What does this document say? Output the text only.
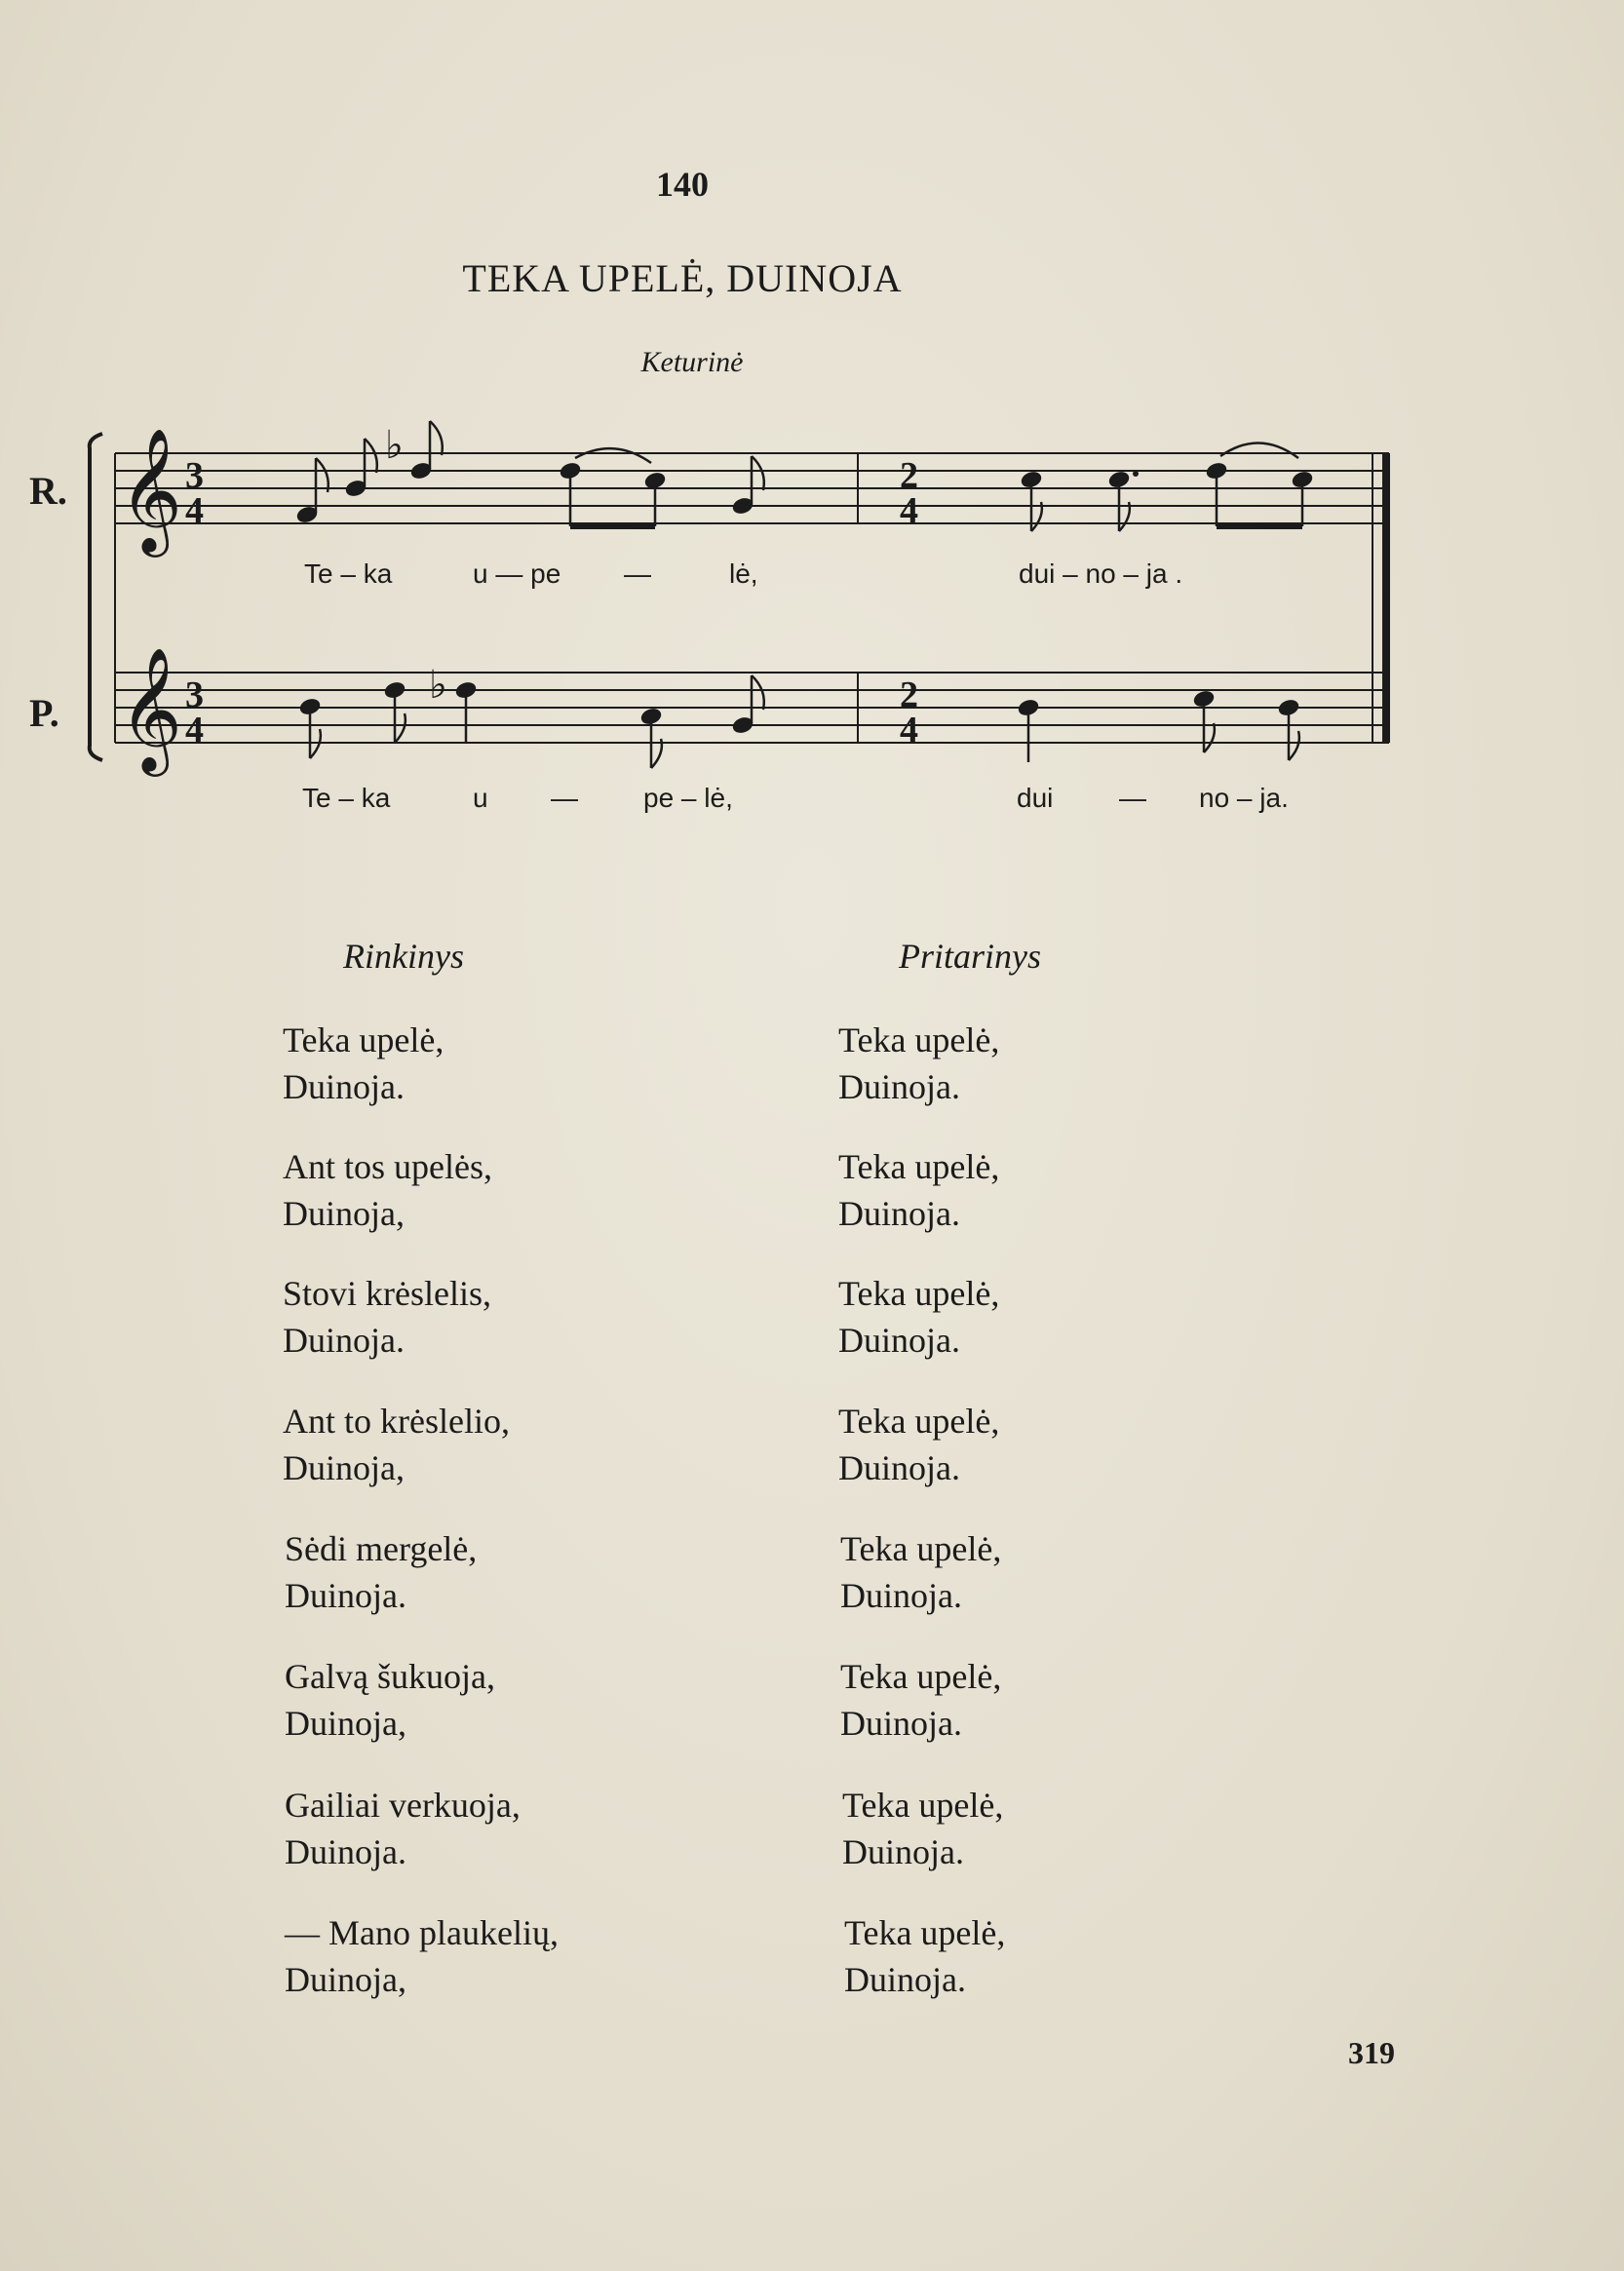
140
TEKA UPELĖ, DUINOJA
Keturinė
𝄞
𝄞
3
4
2
4
3
4
2
4
♭
♭
R.
P.
Te – ka	u — pe —	lė,	dui – no – ja .
Te – ka	u — pe – lė,	dui — no – ja.
Rinkinys	Pritarinys
Teka upelė,
Duinoja.
Teka upelė,
Duinoja.
Ant tos upelės,
Duinoja,
Teka upelė,
Duinoja.
Stovi krėslelis,
Duinoja.
Teka upelė,
Duinoja.
Ant to krėslelio,
Duinoja,
Teka upelė,
Duinoja.
Sėdi mergelė,
Duinoja.
Teka upelė,
Duinoja.
Galvą šukuoja,
Duinoja,
Teka upelė,
Duinoja.
Gailiai verkuoja,
Duinoja.
Teka upelė,
Duinoja.
— Mano plaukelių,
Duinoja,
Teka upelė,
Duinoja.
319
